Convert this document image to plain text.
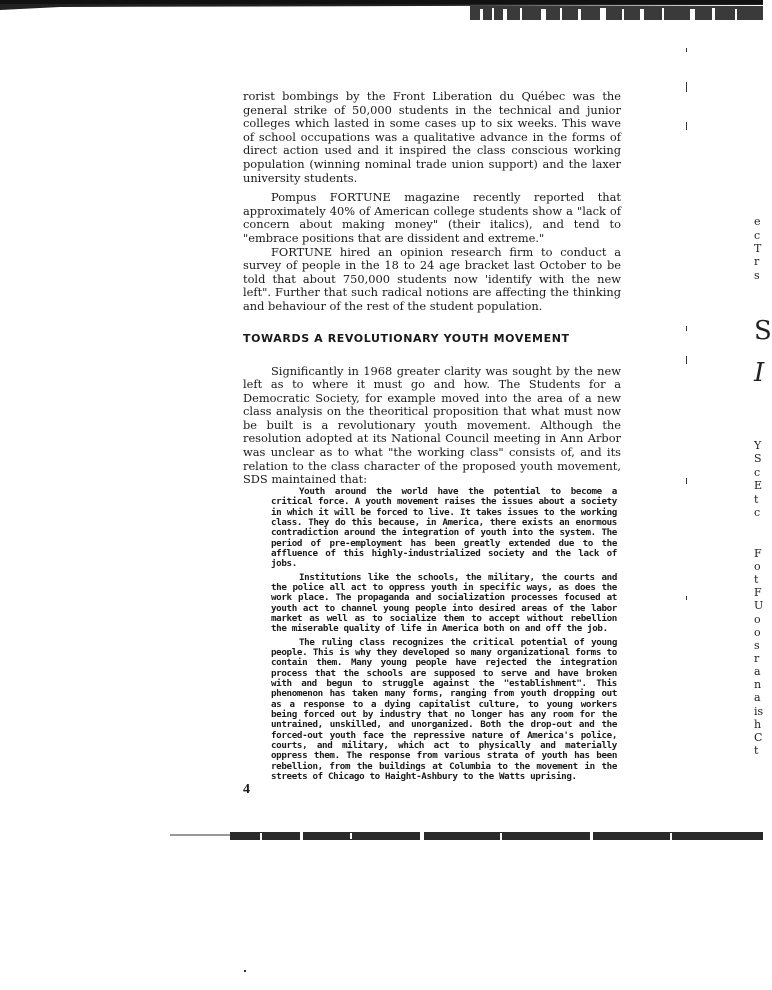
e
c
T
r
s
S
I
Y
S
c
E
t
c
F
o
t
F
U
o
o
s
r
a
n
a
is
h
C
t

rorist bombings by the Front Liberation du Québec was the general strike of 50,000 students in the technical and junior colleges which lasted in some cases up to six weeks. This wave of school occupations was a qualitative advance in the forms of direct action used and it inspired the class conscious working population (winning nominal trade union support) and the laxer university students.

Pompus FORTUNE magazine recently reported that approximately 40% of American college students show a "lack of concern about making money" (their italics), and tend to "embrace positions that are dissident and extreme."

FORTUNE hired an opinion research firm to conduct a survey of people in the 18 to 24 age bracket last October to be told that about 750,000 students now 'identify with the new left". Further that such radical notions are affecting the thinking and behaviour of the rest of the student population.

TOWARDS A REVOLUTIONARY YOUTH MOVEMENT

Significantly in 1968 greater clarity was sought by the new left as to where it must go and how. The Students for a Democratic Society, for example moved into the area of a new class analysis on the theoritical proposition that what must now be built is a revolutionary youth movement. Although the resolution adopted at its National Council meeting in Ann Arbor was unclear as to what "the working class" consists of, and its relation to the class character of the proposed youth movement, SDS maintained that:

Youth around the world have the potential to become a critical force. A youth movement raises the issues about a society in which it will be forced to live. It takes issues to the working class. They do this because, in America, there exists an enormous contradiction around the integration of youth into the system. The period of pre-employment has been greatly extended due to the affluence of this highly-industrialized society and the lack of jobs.

Institutions like the schools, the military, the courts and the police all act to oppress youth in specific ways, as does the work place. The propaganda and socialization processes focused at youth act to channel young people into desired areas of the labor market as well as to socialize them to accept without rebellion the miserable quality of life in America both on and off the job.

The ruling class recognizes the critical potential of young people. This is why they developed so many organizational forms to contain them. Many young people have rejected the integration process that the schools are supposed to serve and have broken with and begun to struggle against the "establishment". This phenomenon has taken many forms, ranging from youth dropping out as a response to a dying capitalist culture, to young workers being forced out by industry that no longer has any room for the untrained, unskilled, and unorganized. Both the drop-out and the forced-out youth face the repressive nature of America's police, courts, and military, which act to physically and materially oppress them. The response from various strata of youth has been rebellion, from the buildings at Columbia to the movement in the streets of Chicago to Haight-Ashbury to the Watts uprising.

4
